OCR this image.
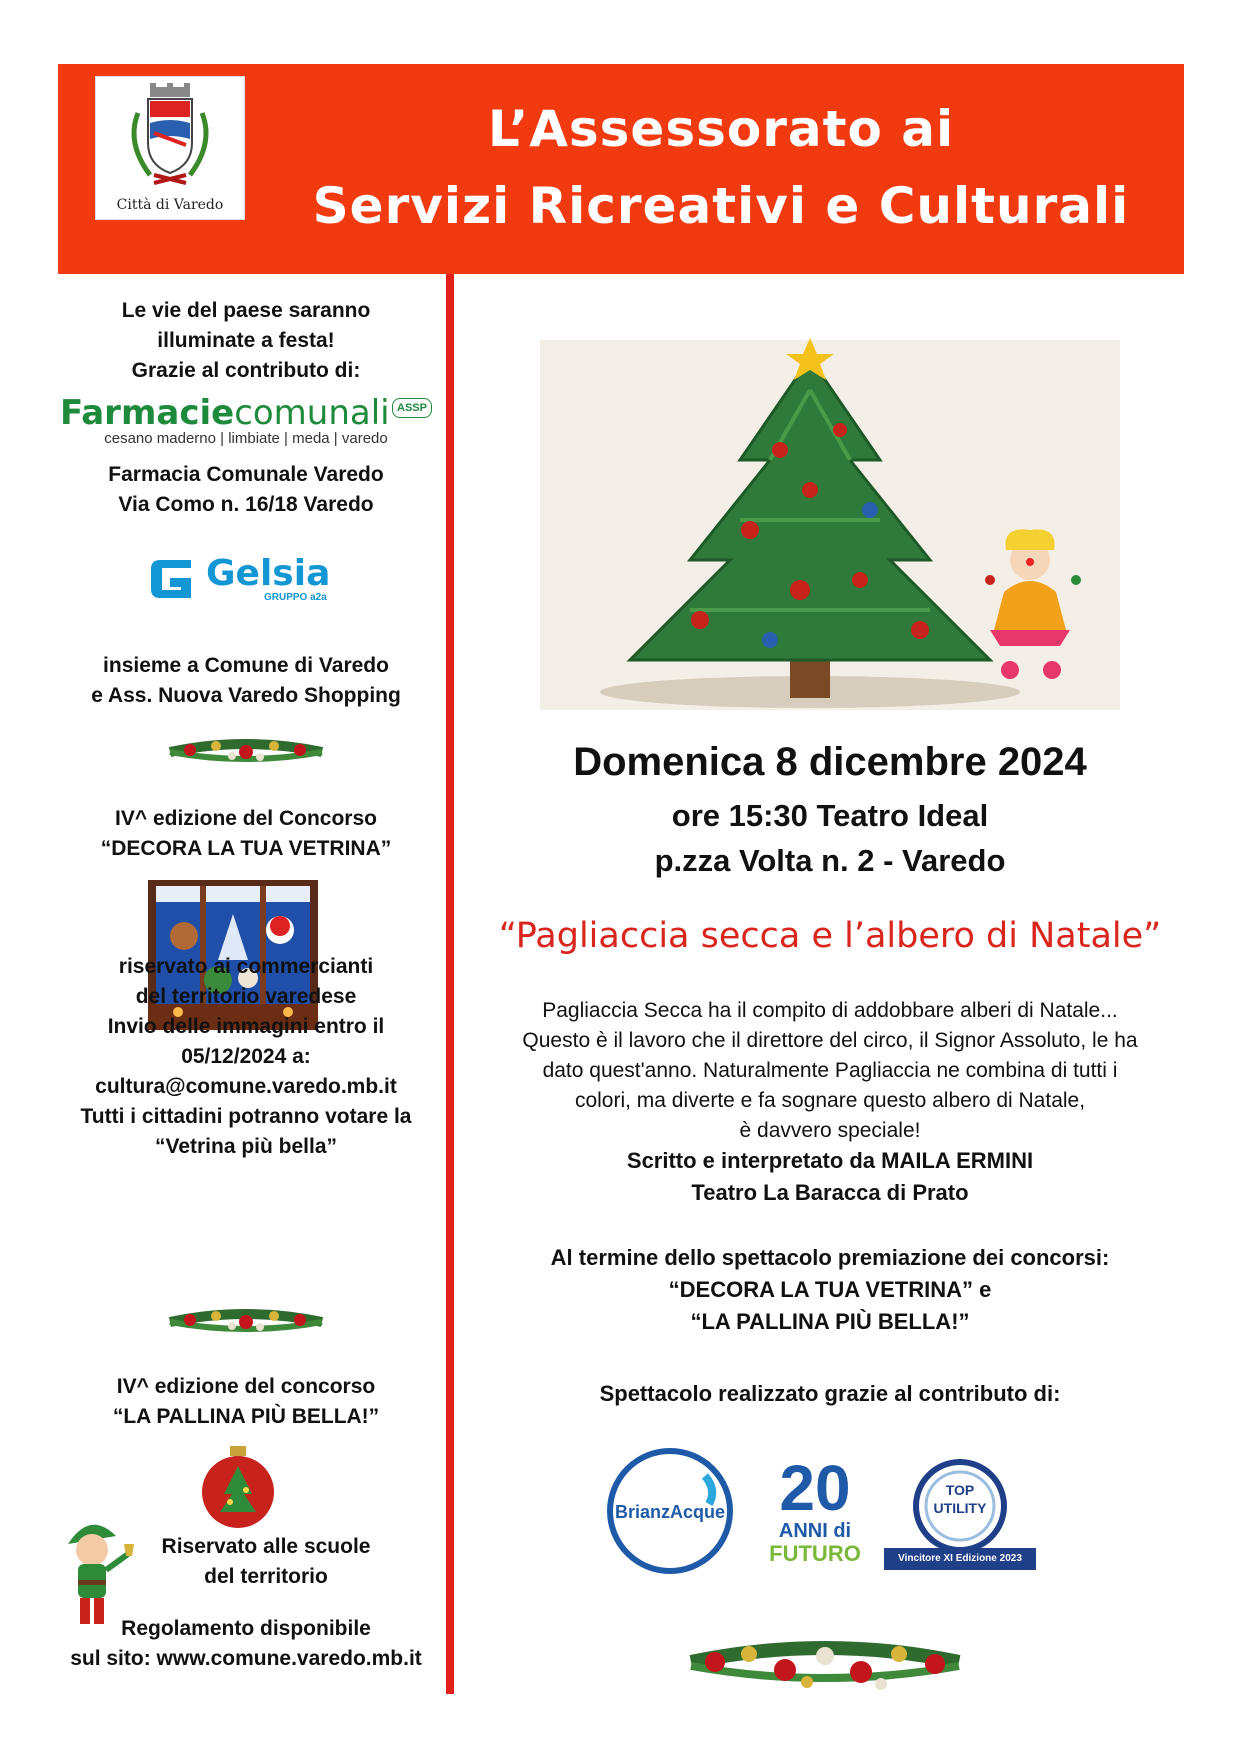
Città di Varedo
L’Assessorato ai
Servizi Ricreativi e Culturali
Le vie del paese saranno
illuminate a festa!
Grazie al contributo di:
Farmaciecomunali ASSP
cesano maderno | limbiate | meda | varedo
Farmacia Comunale Varedo
Via Como n. 16/18 Varedo
Gelsia
GRUPPO a2a
insieme a Comune di Varedo
e Ass. Nuova Varedo Shopping
IV^ edizione del Concorso
“DECORA LA TUA VETRINA”
riservato ai commercianti
del territorio varedese
Invio delle immagini entro il
05/12/2024 a:
cultura@comune.varedo.mb.it
Tutti i cittadini potranno votare la
“Vetrina più bella”
IV^ edizione del concorso
“LA PALLINA PIÙ BELLA!”
Riservato alle scuole
del territorio
Regolamento disponibile
sul sito: www.comune.varedo.mb.it
Domenica 8 dicembre 2024
ore 15:30 Teatro Ideal
p.zza Volta n. 2 - Varedo
“Pagliaccia secca e l’albero di Natale”
Pagliaccia Secca ha il compito di addobbare alberi di Natale...
Questo è il lavoro che il direttore del circo, il Signor Assoluto, le ha
dato quest'anno. Naturalmente Pagliaccia ne combina di tutti i
colori, ma diverte e fa sognare questo albero di Natale,
è davvero speciale!
Scritto e interpretato da MAILA ERMINI
Teatro La Baracca di Prato
Al termine dello spettacolo premiazione dei concorsi:
“DECORA LA TUA VETRINA” e
“LA PALLINA PIÙ BELLA!”
Spettacolo realizzato grazie al contributo di:
BrianzAcque 20
ANNI di
FUTURO
TOP
UTILITY
Vincitore XI Edizione 2023
